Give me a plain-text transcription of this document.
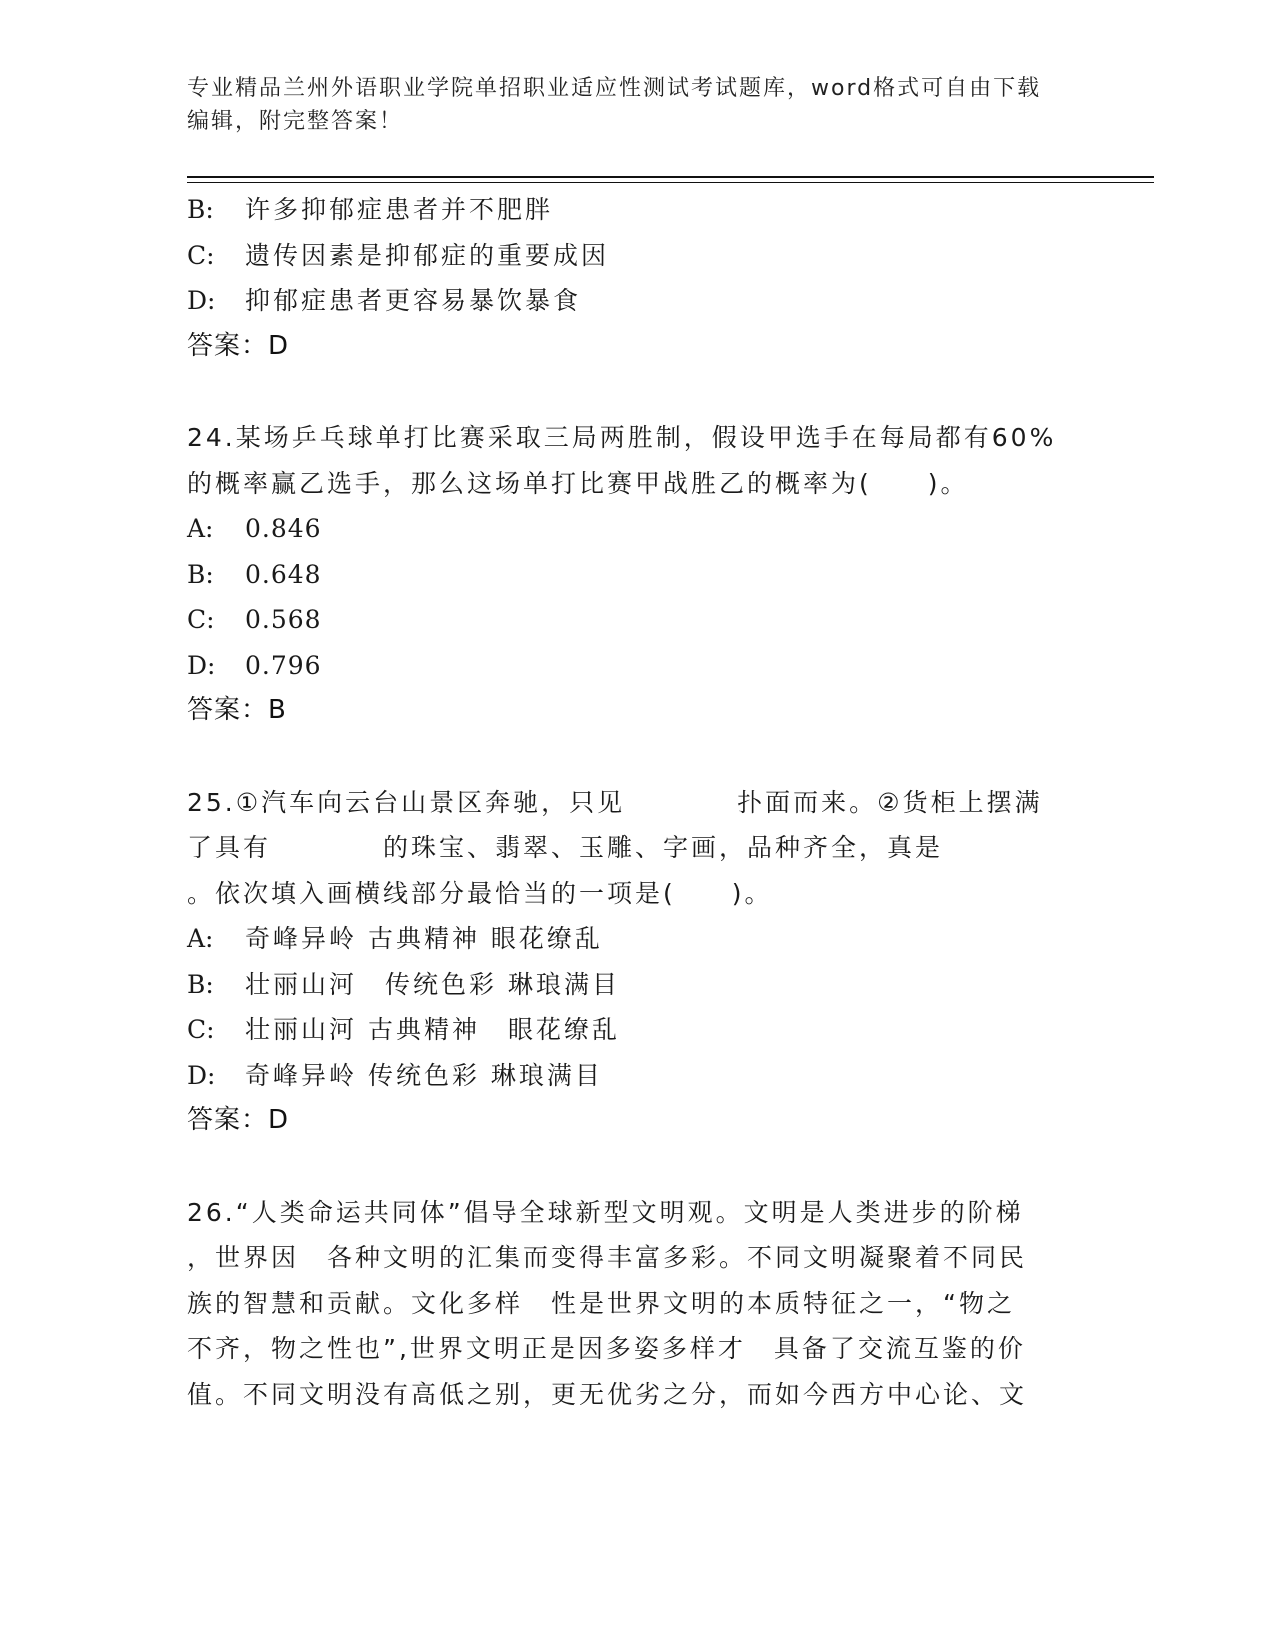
专业精品兰州外语职业学院单招职业适应性测试考试题库，word格式可自由下载
编辑，附完整答案！
B: 许多抑郁症患者并不肥胖
C: 遗传因素是抑郁症的重要成因
D: 抑郁症患者更容易暴饮暴食
答案：D
24.某场乒乓球单打比赛采取三局两胜制，假设甲选手在每局都有60%
的概率赢乙选手，那么这场单打比赛甲战胜乙的概率为(　　)。
A: 0.846
B: 0.648
C: 0.568
D: 0.796
答案：B
25.①汽车向云台山景区奔驰，只见　　　　扑面而来。②货柜上摆满
了具有　　　　的珠宝、翡翠、玉雕、字画，品种齐全，真是
。依次填入画横线部分最恰当的一项是(　　)。
A: 奇峰异岭 古典精神 眼花缭乱
B: 壮丽山河　传统色彩 琳琅满目
C: 壮丽山河 古典精神　眼花缭乱
D: 奇峰异岭 传统色彩 琳琅满目
答案：D
26.“人类命运共同体”倡导全球新型文明观。文明是人类进步的阶梯
，世界因　各种文明的汇集而变得丰富多彩。不同文明凝聚着不同民
族的智慧和贡献。文化多样　性是世界文明的本质特征之一，“物之
不齐，物之性也”,世界文明正是因多姿多样才　具备了交流互鉴的价
值。不同文明没有高低之别，更无优劣之分，而如今西方中心论、文
